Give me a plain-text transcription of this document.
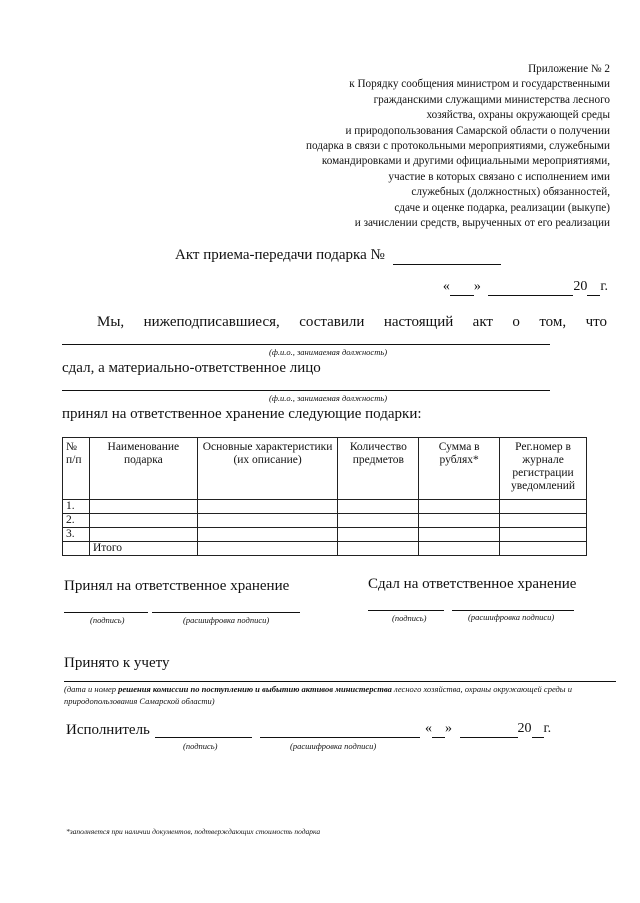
Приложение № 2
к Порядку сообщения министром и государственными
гражданскими служащими министерства лесного
хозяйства, охраны окружающей среды
и природопользования Самарской области о получении
подарка в связи с протокольными мероприятиями, служебными
командировками и другими официальными мероприятиями,
участие в которых связано с исполнением ими
служебных (должностных) обязанностей,
сдаче и оценке подарка, реализации (выкупе)
и зачислении средств, вырученных от его реализации
Акт приема-передачи подарка №
« »	20 г.
Мы, нижеподписавшиеся, составили настоящий акт о том, что
(ф.и.о., занимаемая должность)
сдал, а материально-ответственное лицо
(ф.и.о., занимаемая должность)
принял на ответственное хранение следующие подарки:
№ п/п	Наименование подарка	Основные характеристики (их описание)	Количество предметов	Сумма в рублях*	Рег.номер в журнале регистрации уведомлений
1.					
2.					
3.					
	Итого				
Принял на ответственное хранение	Сдал на ответственное хранение
(подпись)	(расшифровка подписи)	(подпись)	(расшифровка подписи)
Принято к учету
(дата и номер решения комиссии по поступлению и выбытию активов министерства лесного хозяйства, охраны окружающей среды и природопользования Самарской области)
Исполнитель
(подпись)	(расшифровка подписи)
« »	20 г.
*заполняется при наличии документов, подтверждающих стоимость подарка
